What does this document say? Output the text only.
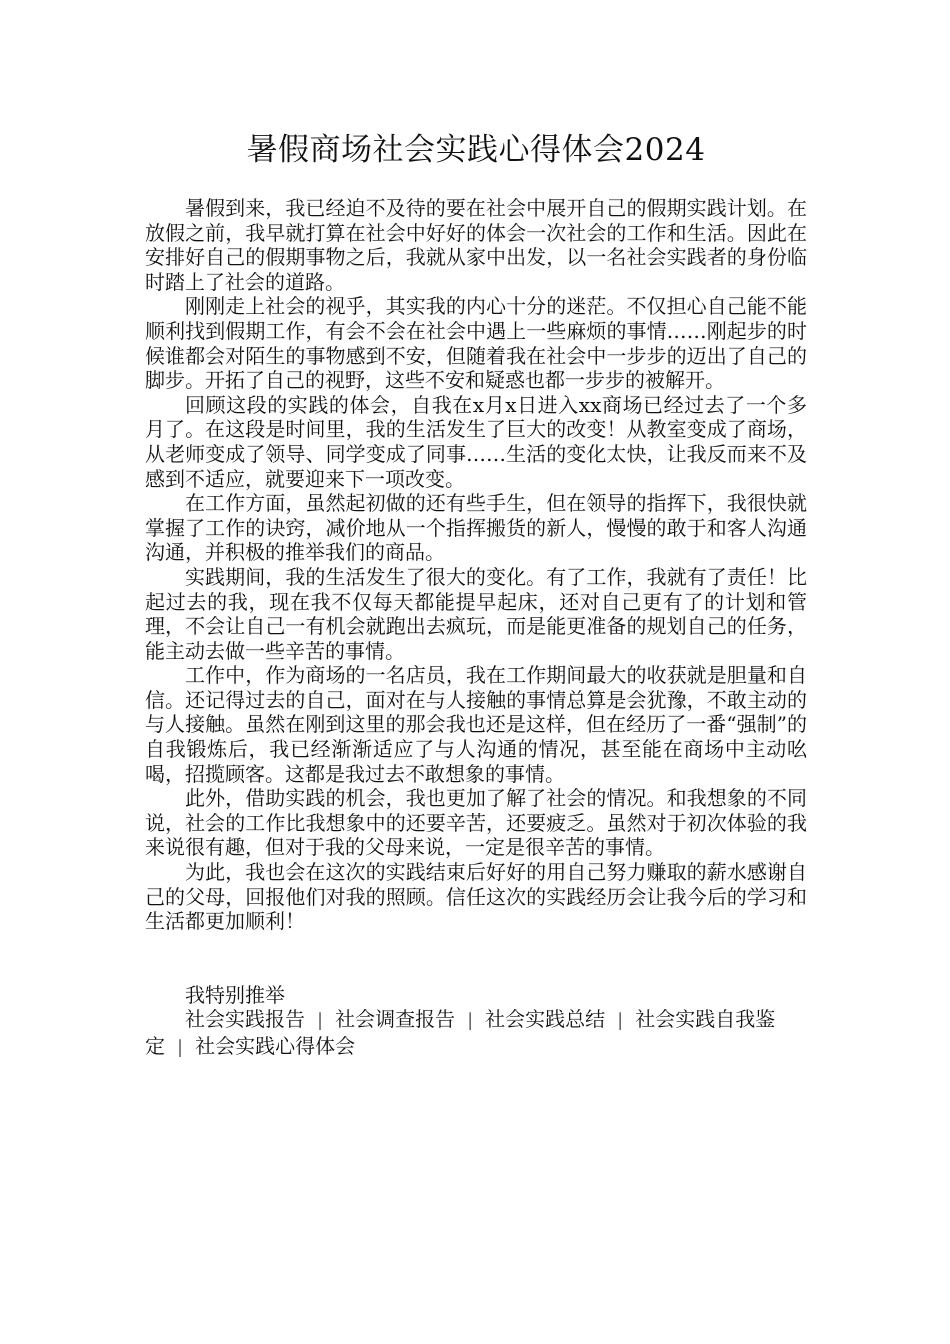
暑假商场社会实践心得体会2024

暑假到来，我已经迫不及待的要在社会中展开自己的假期实践计划。在放假之前，我早就打算在社会中好好的体会一次社会的工作和生活。因此在安排好自己的假期事物之后，我就从家中出发，以一名社会实践者的身份临时踏上了社会的道路。

刚刚走上社会的视乎，其实我的内心十分的迷茫。不仅担心自己能不能顺利找到假期工作，有会不会在社会中遇上一些麻烦的事情……刚起步的时候谁都会对陌生的事物感到不安，但随着我在社会中一步步的迈出了自己的脚步。开拓了自己的视野，这些不安和疑惑也都一步步的被解开。

回顾这段的实践的体会，自我在x月x日进入xx商场已经过去了一个多月了。在这段是时间里，我的生活发生了巨大的改变！从教室变成了商场，从老师变成了领导、同学变成了同事……生活的变化太快，让我反而来不及感到不适应，就要迎来下一项改变。

在工作方面，虽然起初做的还有些手生，但在领导的指挥下，我很快就掌握了工作的诀窍，减价地从一个指挥搬货的新人，慢慢的敢于和客人沟通沟通，并积极的推举我们的商品。

实践期间，我的生活发生了很大的变化。有了工作，我就有了责任！比起过去的我，现在我不仅每天都能提早起床，还对自己更有了的计划和管理，不会让自己一有机会就跑出去疯玩，而是能更准备的规划自己的任务，能主动去做一些辛苦的事情。

工作中，作为商场的一名店员，我在工作期间最大的收获就是胆量和自信。还记得过去的自己，面对在与人接触的事情总算是会犹豫，不敢主动的与人接触。虽然在刚到这里的那会我也还是这样，但在经历了一番“强制”的自我锻炼后，我已经渐渐适应了与人沟通的情况，甚至能在商场中主动吆喝，招揽顾客。这都是我过去不敢想象的事情。

此外，借助实践的机会，我也更加了解了社会的情况。和我想象的不同说，社会的工作比我想象中的还要辛苦，还要疲乏。虽然对于初次体验的我来说很有趣，但对于我的父母来说，一定是很辛苦的事情。

为此，我也会在这次的实践结束后好好的用自己努力赚取的薪水感谢自己的父母，回报他们对我的照顾。信任这次的实践经历会让我今后的学习和生活都更加顺利！

我特别推举

社会实践报告 | 社会调查报告 | 社会实践总结 | 社会实践自我鉴定 | 社会实践心得体会
